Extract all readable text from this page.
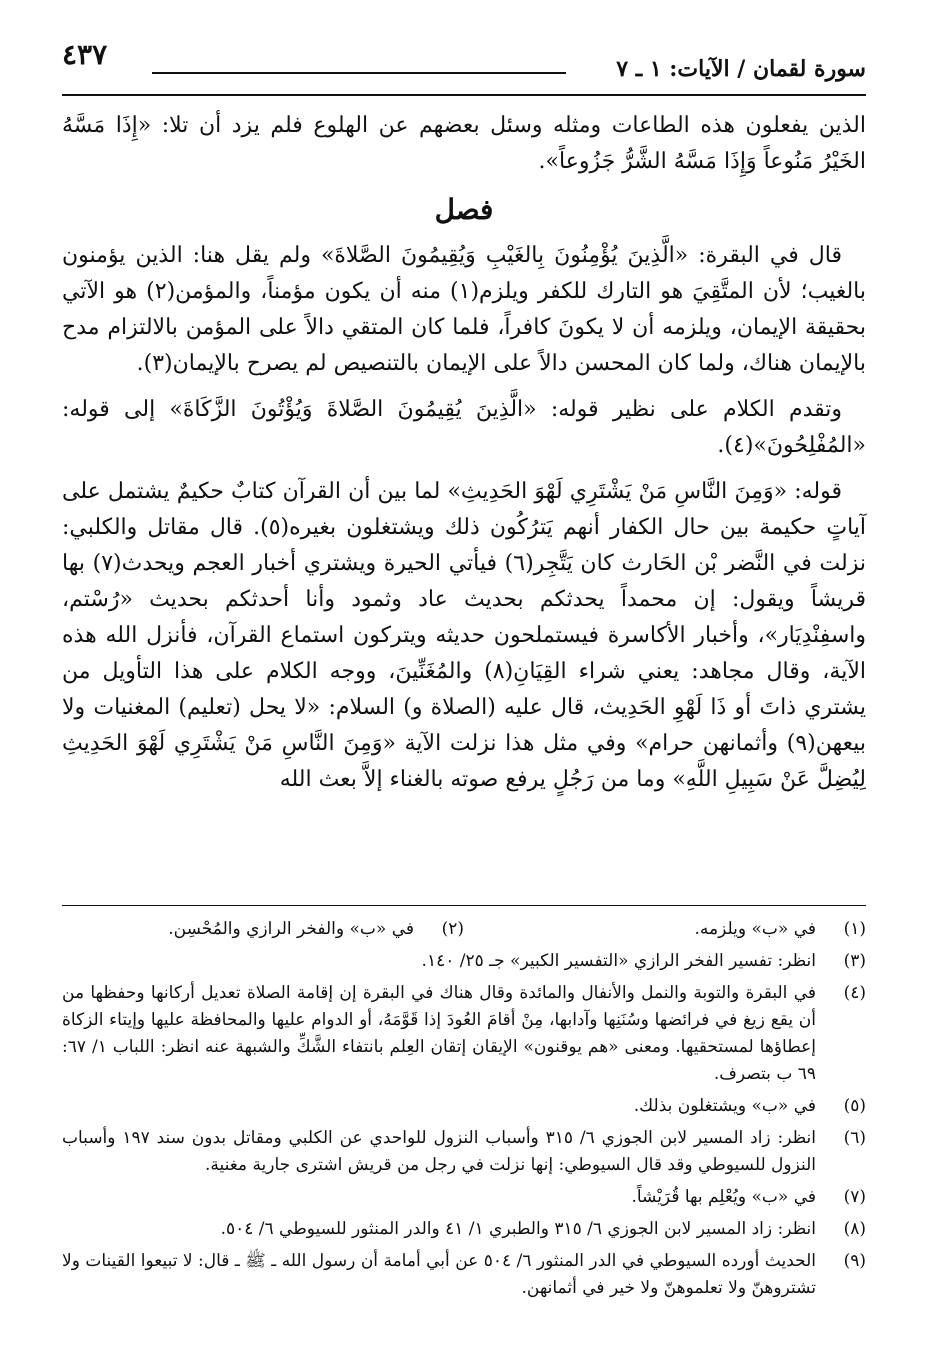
٤٣٧	سورة لقمان / الآيات: ١ ـ ٧

الذين يفعلون هذه الطاعات ومثله وسئل بعضهم عن الهلوع فلم يزد أن تلا: «إِذَا مَسَّهُ الخَيْرُ مَنُوعاً وَإِذَا مَسَّهُ الشَّرُّ جَزُوعاً».

فصل

قال في البقرة: «الَّذِينَ يُؤْمِنُونَ بِالغَيْبِ وَيُقِيمُونَ الصَّلاةَ» ولم يقل هنا: الذين يؤمنون بالغيب؛ لأن المتَّقِيَ هو التارك للكفر ويلزم(١) منه أن يكون مؤمناً، والمؤمن(٢) هو الآتي بحقيقة الإيمان، ويلزمه أن لا يكونَ كافراً، فلما كان المتقي دالاً على المؤمن بالالتزام مدح بالإيمان هناك، ولما كان المحسن دالاً على الإيمان بالتنصيص لم يصرح بالإيمان(٣).

وتقدم الكلام على نظير قوله: «الَّذِينَ يُقِيمُونَ الصَّلاةَ وَيُؤْتُونَ الزَّكَاةَ» إلى قوله: «المُفْلِحُونَ»(٤).

قوله: «وَمِنَ النَّاسِ مَنْ يَشْتَرِي لَهْوَ الحَدِيثِ» لما بين أن القرآن كتابٌ حكيمٌ يشتمل على آياتٍ حكيمة بين حال الكفار أنهم يَترُكُون ذلك ويشتغلون بغيره(٥). قال مقاتل والكلبي: نزلت في النَّضر بْن الحَارث كان يَتَّجِر(٦) فيأتي الحيرة ويشتري أخبار العجم ويحدث(٧) بها قريشاً ويقول: إن محمداً يحدثكم بحديث عاد وثمود وأنا أحدثكم بحديث «رُسْتم، واسفِنْدِيَار»، وأخبار الأكاسرة فيستملحون حديثه ويتركون استماع القرآن، فأنزل الله هذه الآية، وقال مجاهد: يعني شراء القِيَانِ(٨) والمُغَنِّينَ، ووجه الكلام على هذا التأويل من يشتري ذاتَ أو ذَا لَهْوِ الحَدِيث، قال عليه (الصلاة و) السلام: «لا يحل (تعليم) المغنيات ولا بيعهن(٩) وأثمانهن حرام» وفي مثل هذا نزلت الآية «وَمِنَ النَّاسِ مَنْ يَشْتَرِي لَهْوَ الحَدِيثِ لِيُضِلَّ عَنْ سَبِيلِ اللَّهِ» وما من رَجُلٍ يرفع صوته بالغناء إلاَّ بعث الله

(١)
في «ب» ويلزمه.
(٢)
في «ب» والفخر الرازي والمُحْسِن.
(٣)
انظر: تفسير الفخر الرازي «التفسير الكبير» جـ ٢٥/ ١٤٠.
(٤)
في البقرة والتوبة والنمل والأنفال والمائدة وقال هناك في البقرة إن إقامة الصلاة تعديل أركانها وحفظها من أن يقع زيغ في فرائضها وسُنَنِها وآدابها، مِنْ أقامَ العُودَ إذا قَوَّمَهُ، أو الدوام عليها والمحافظة عليها وإيتاء الزكاة إعطاؤها لمستحقيها. ومعنى «هم يوقنون» الإيقان إتقان العِلم بانتفاء الشَّكِّ والشبهة عنه انظر: اللباب ١/ ٦٧: ٦٩ ب بتصرف.
(٥)
في «ب» ويشتغلون بذلك.
(٦)
انظر: زاد المسير لابن الجوزي ٦/ ٣١٥ وأسباب النزول للواحدي عن الكلبي ومقاتل بدون سند ١٩٧ وأسباب النزول للسيوطي وقد قال السيوطي: إنها نزلت في رجل من قريش اشترى جارية مغنية.
(٧)
في «ب» ويُعْلِم بها قُرَيْشاً.
(٨)
انظر: زاد المسير لابن الجوزي ٦/ ٣١٥ والطبري ١/ ٤١ والدر المنثور للسيوطي ٦/ ٥٠٤.
(٩)
الحديث أورده السيوطي في الدر المنثور ٦/ ٥٠٤ عن أبي أمامة أن رسول الله ـ ﷺ ـ قال: لا تبيعوا القينات ولا تشتروهنّ ولا تعلموهنّ ولا خير في أثمانهن.
